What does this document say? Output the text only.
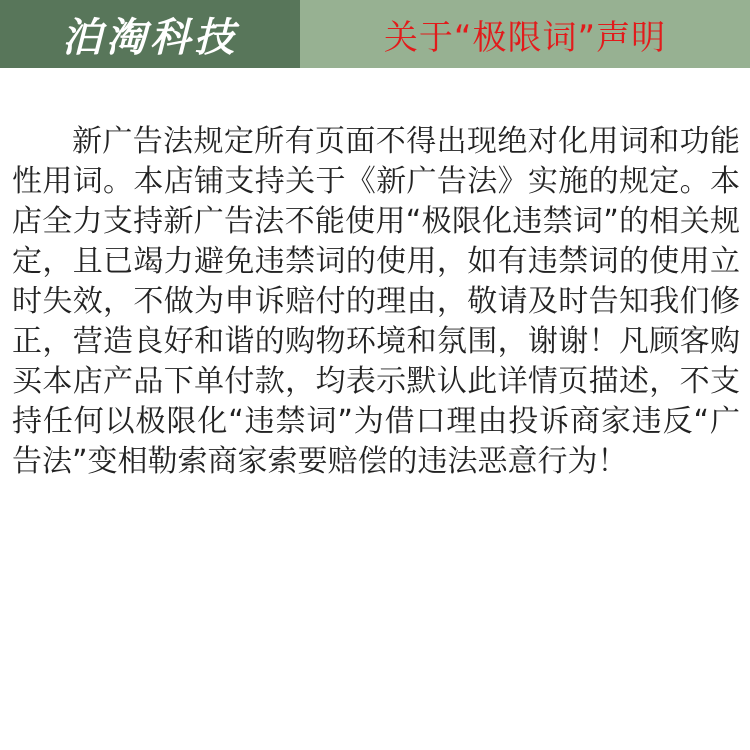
泊淘科技	关于“极限词”声明
新广告法规定所有页面不得出现绝对化用词和功能性用词。本店铺支持关于《新广告法》实施的规定。本店全力支持新广告法不能使用“极限化违禁词”的相关规定，且已竭力避免违禁词的使用，如有违禁词的使用立时失效，不做为申诉赔付的理由，敬请及时告知我们修正，营造良好和谐的购物环境和氛围，谢谢！凡顾客购买本店产品下单付款，均表示默认此详情页描述，不支持任何以极限化“违禁词”为借口理由投诉商家违反“广告法”变相勒索商家索要赔偿的违法恶意行为！
